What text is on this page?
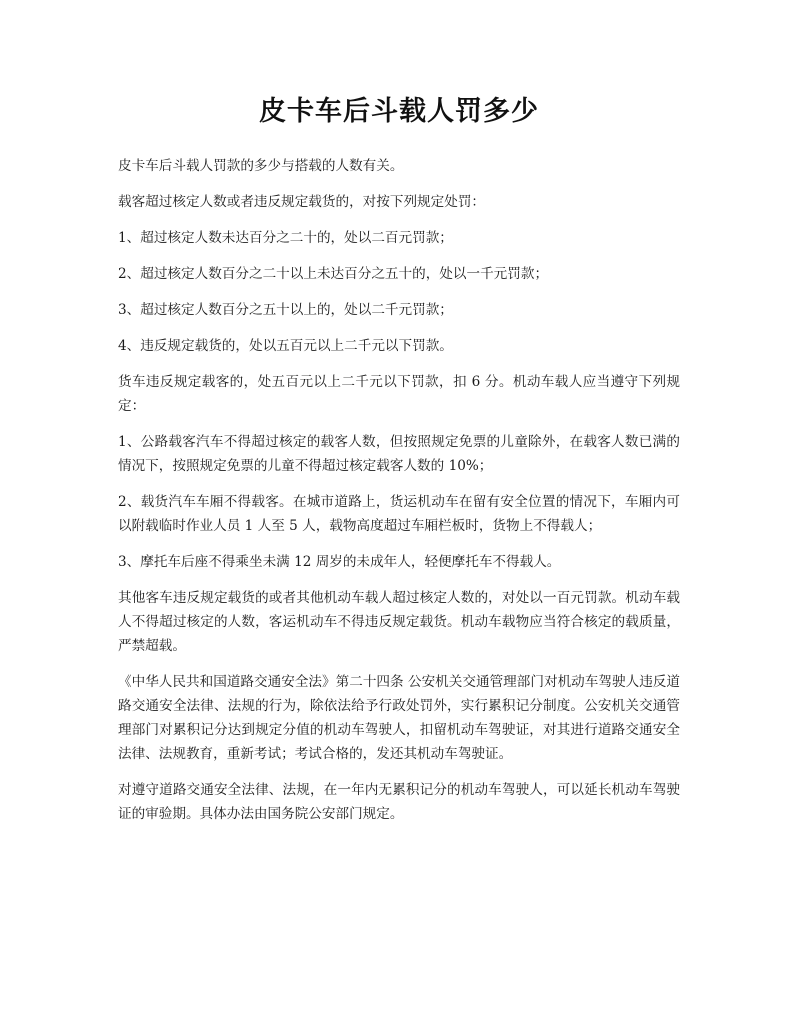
皮卡车后斗载人罚多少

皮卡车后斗载人罚款的多少与搭载的人数有关。

载客超过核定人数或者违反规定载货的，对按下列规定处罚：

1、超过核定人数未达百分之二十的，处以二百元罚款；

2、超过核定人数百分之二十以上未达百分之五十的，处以一千元罚款；

3、超过核定人数百分之五十以上的，处以二千元罚款；

4、违反规定载货的，处以五百元以上二千元以下罚款。

货车违反规定载客的，处五百元以上二千元以下罚款，扣 6 分。机动车载人应当遵守下列规定：

1、公路载客汽车不得超过核定的载客人数，但按照规定免票的儿童除外，在载客人数已满的情况下，按照规定免票的儿童不得超过核定载客人数的 10%；

2、载货汽车车厢不得载客。在城市道路上，货运机动车在留有安全位置的情况下，车厢内可以附载临时作业人员 1 人至 5 人，载物高度超过车厢栏板时，货物上不得载人；

3、摩托车后座不得乘坐未满 12 周岁的未成年人，轻便摩托车不得载人。

其他客车违反规定载货的或者其他机动车载人超过核定人数的，对处以一百元罚款。机动车载人不得超过核定的人数，客运机动车不得违反规定载货。机动车载物应当符合核定的载质量，严禁超载。

《中华人民共和国道路交通安全法》第二十四条 公安机关交通管理部门对机动车驾驶人违反道路交通安全法律、法规的行为，除依法给予行政处罚外，实行累积记分制度。公安机关交通管理部门对累积记分达到规定分值的机动车驾驶人，扣留机动车驾驶证，对其进行道路交通安全法律、法规教育，重新考试；考试合格的，发还其机动车驾驶证。

对遵守道路交通安全法律、法规，在一年内无累积记分的机动车驾驶人，可以延长机动车驾驶证的审验期。具体办法由国务院公安部门规定。
